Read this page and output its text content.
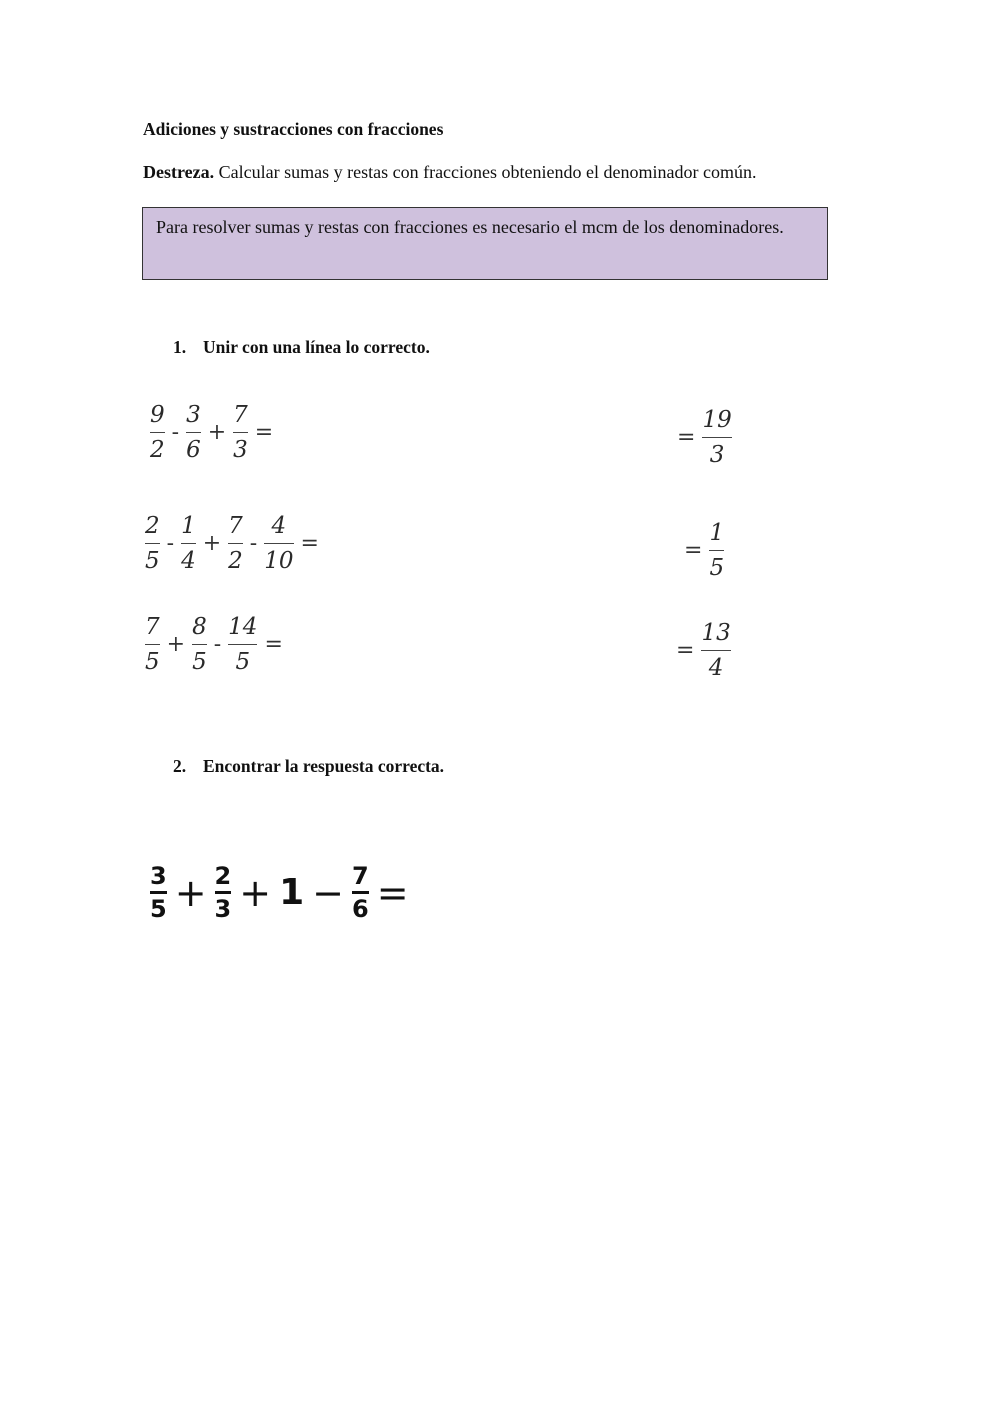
Adiciones y sustracciones con fracciones
Destreza. Calcular sumas y restas con fracciones obteniendo el denominador común.
Para resolver sumas y restas con fracciones es necesario el mcm de los denominadores.
1. Unir con una línea lo correcto.
$\frac{9}{2} - \frac{3}{6} + \frac{7}{3}$ =
$\frac{2}{5} - \frac{1}{4} + \frac{7}{2} - \frac{4}{10}$ =
$\frac{7}{5} + \frac{8}{5} - \frac{14}{5}$ =
= $\frac{19}{3}$
= $\frac{1}{5}$
= $\frac{13}{4}$
2. Encontrar la respuesta correcta.
$\frac{3}{5} + \frac{2}{3} + 1 - \frac{7}{6}$ =
